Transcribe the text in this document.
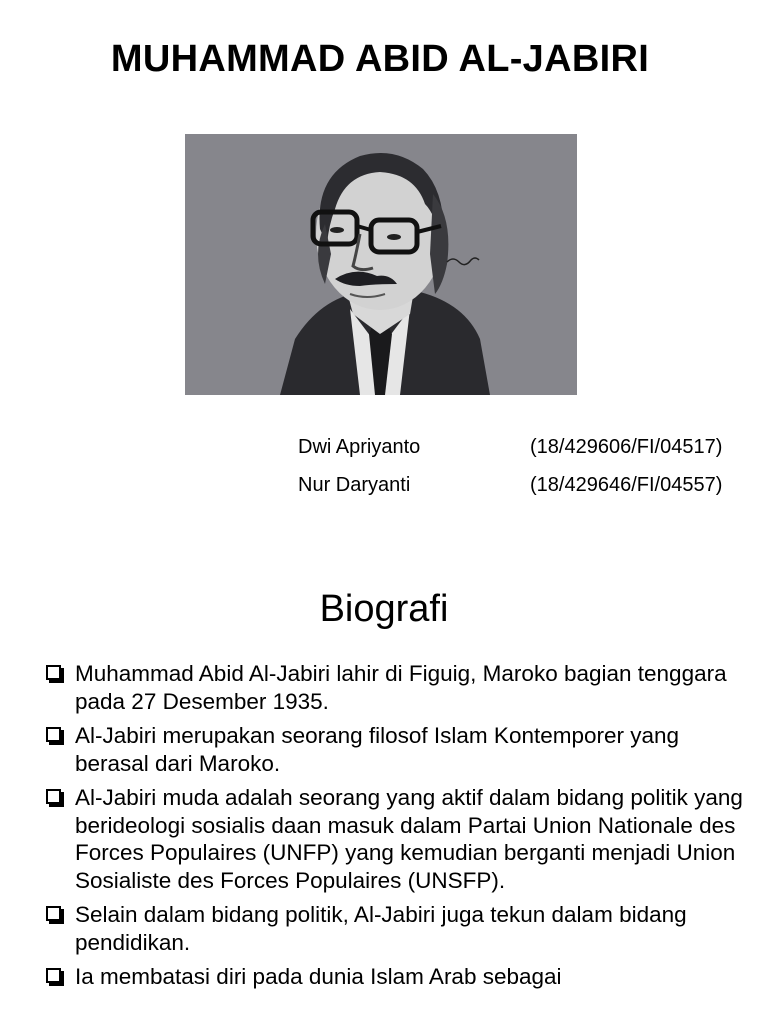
MUHAMMAD ABID AL-JABIRI
Dwi Apriyanto	(18/429606/FI/04517)
Nur Daryanti	(18/429646/FI/04557)
Biografi
Muhammad Abid Al-Jabiri lahir di Figuig, Maroko bagian tenggara pada 27 Desember 1935.
Al-Jabiri merupakan seorang filosof Islam Kontemporer yang berasal dari Maroko.
Al-Jabiri muda adalah seorang yang aktif dalam bidang politik yang berideologi sosialis daan masuk dalam Partai Union Nationale des Forces Populaires (UNFP) yang kemudian berganti menjadi Union Sosialiste des Forces Populaires (UNSFP).
Selain dalam bidang politik, Al-Jabiri juga tekun dalam bidang pendidikan.
Ia membatasi diri pada dunia Islam Arab sebagai
